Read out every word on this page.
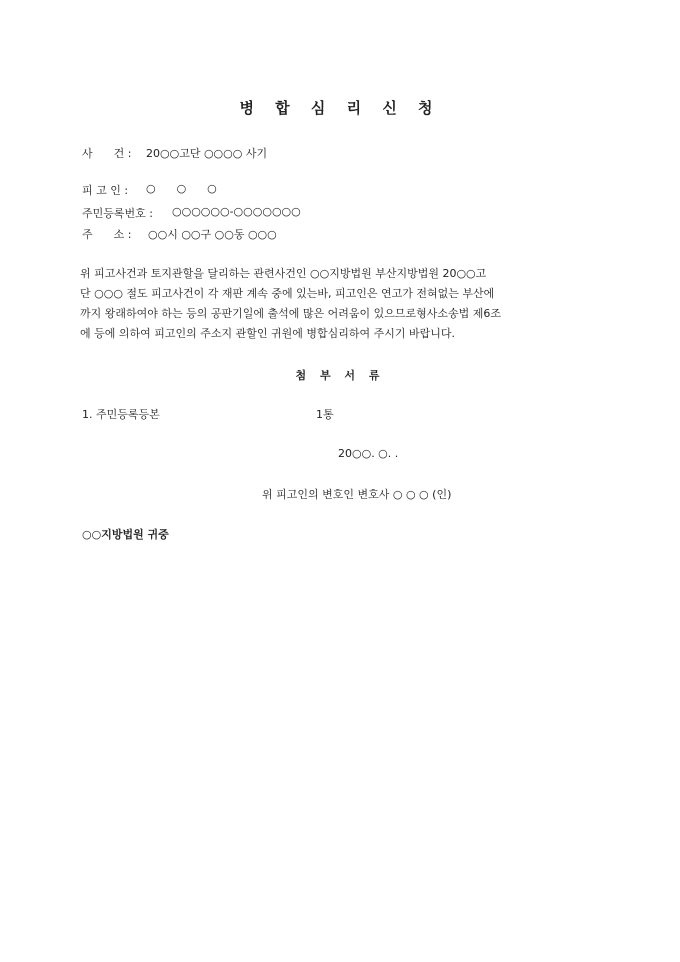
병 합 심 리 신 청
사      건 : 20○○고단 ○○○○ 사기
피 고 인 : ○      ○      ○
주민등록번호 : ○○○○○○-○○○○○○○
주      소 : ○○시 ○○구 ○○동 ○○○
위 피고사건과 토지관할을 달리하는 관련사건인 ○○지방법원 부산지방법원 20○○고
단 ○○○ 절도 피고사건이 각 재판 계속 중에 있는바, 피고인은 연고가 전혀없는 부산에
까지 왕래하여야 하는 등의 공판기일에 출석에 많은 어려움이 있으므로형사소송법 제6조
에 등에 의하여 피고인의 주소지 관할인 귀원에 병합심리하여 주시기 바랍니다.
첨 부 서 류
1. 주민등록등본	1통
20○○. ○. .
위 피고인의 변호인 변호사 ○ ○ ○ (인)
○○지방법원 귀중
